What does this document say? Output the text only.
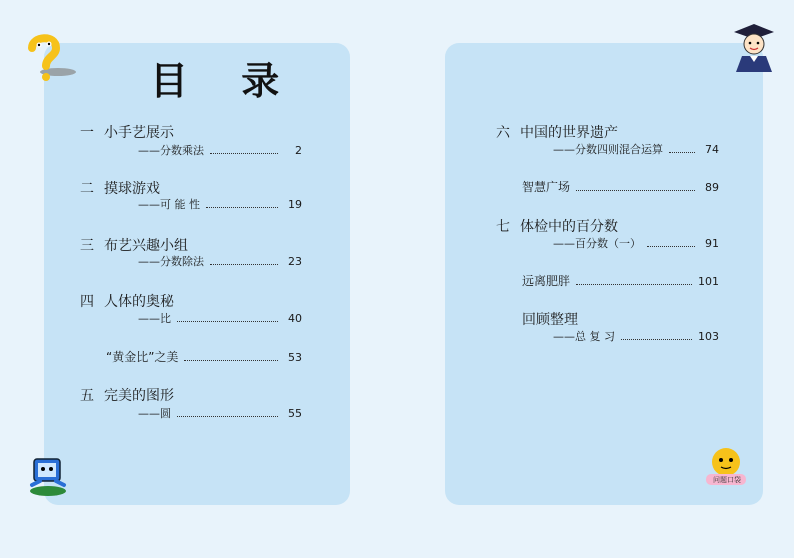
目 录
一 小手艺展示
——分数乘法	2
二 摸球游戏
——可 能 性	19
三 布艺兴趣小组
——分数除法	23
四 人体的奥秘
——比	40
“黄金比”之美	53
五 完美的图形
——圆	55
六 中国的世界遗产
——分数四则混合运算	74
智慧广场	89
七 体检中的百分数
——百分数（一）	91
远离肥胖	101
回顾整理
——总 复 习	103
问题口袋
